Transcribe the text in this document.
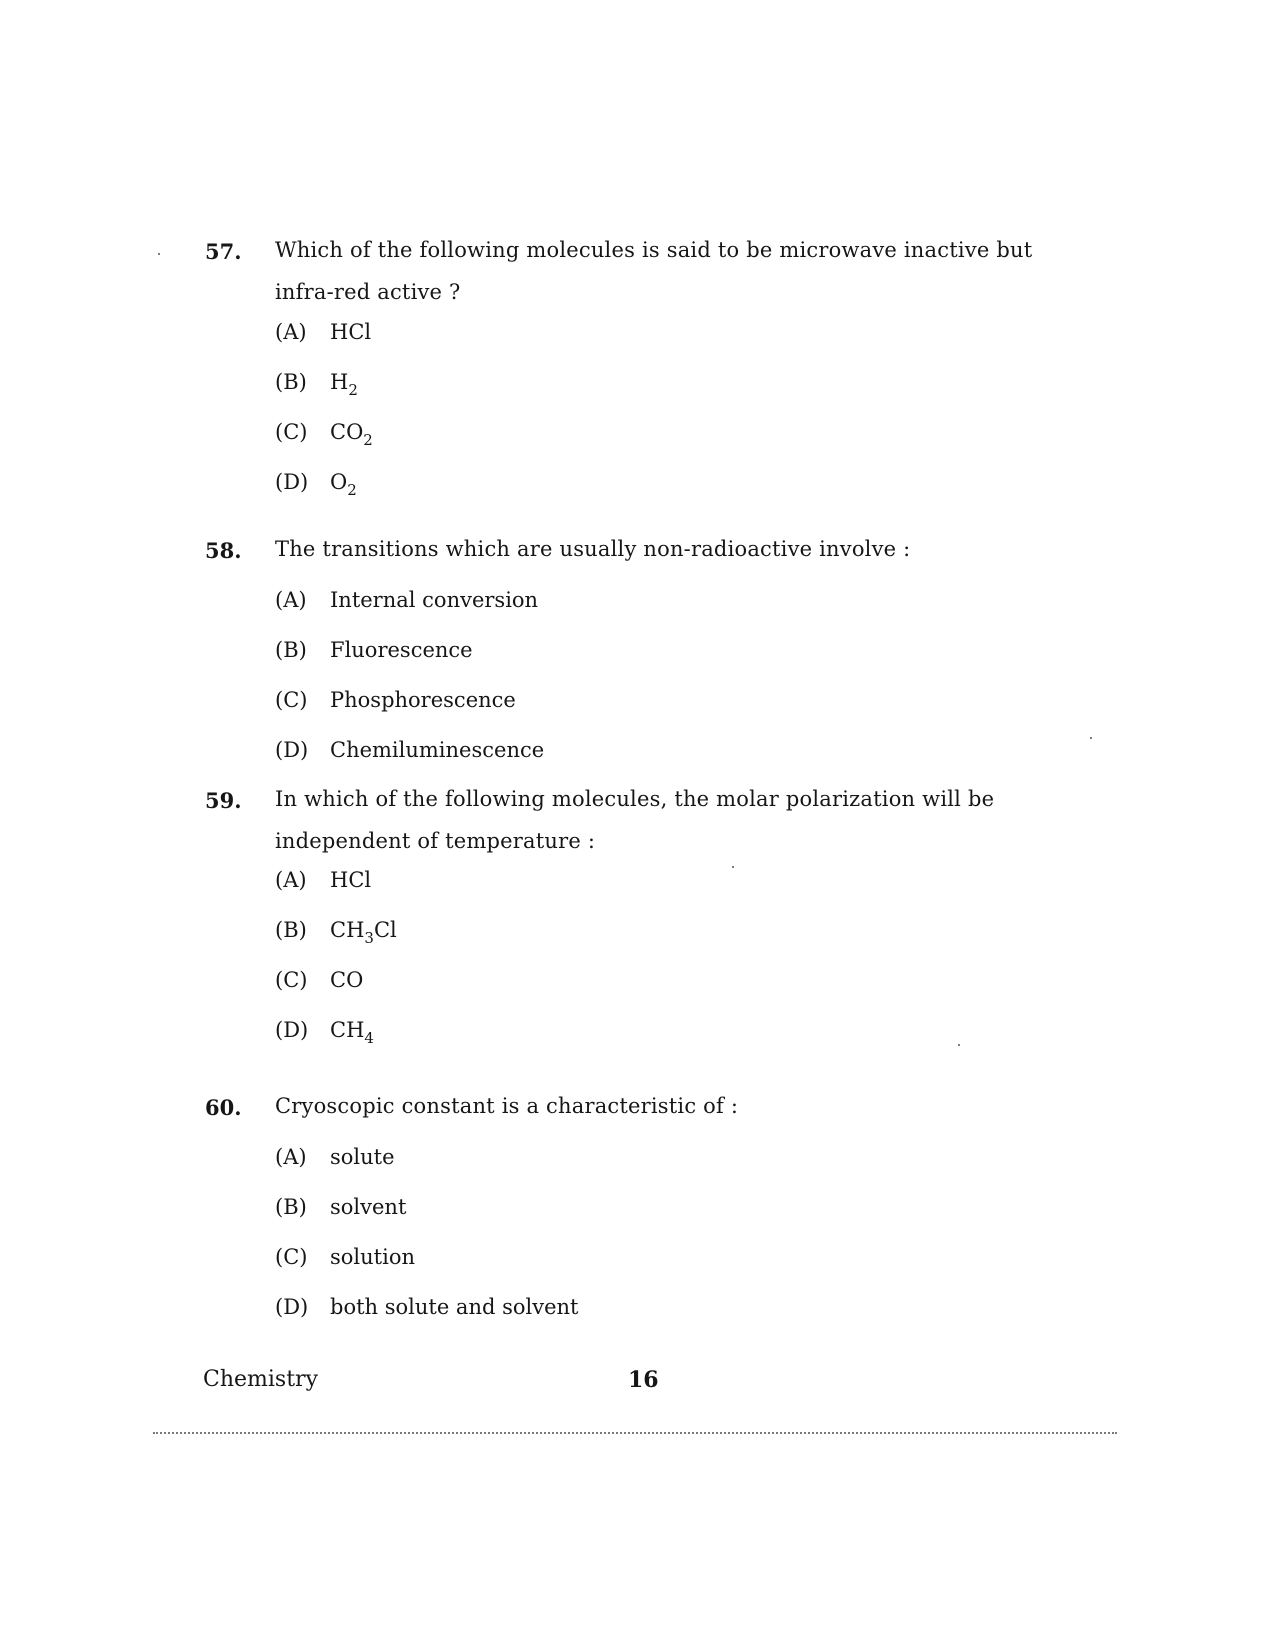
57. Which of the following molecules is said to be microwave inactive but infra-red active ?
(A) HCl
(B) $H_2$
(C) $CO_2$
(D) $O_2$
58. The transitions which are usually non-radioactive involve :
(A) Internal conversion
(B) Fluorescence
(C) Phosphorescence
(D) Chemiluminescence
59. In which of the following molecules, the molar polarization will be independent of temperature :
(A) HCl
(B) $CH_3Cl$
(C) CO
(D) $CH_4$
60. Cryoscopic constant is a characteristic of :
(A) solute
(B) solvent
(C) solution
(D) both solute and solvent
Chemistry	16
